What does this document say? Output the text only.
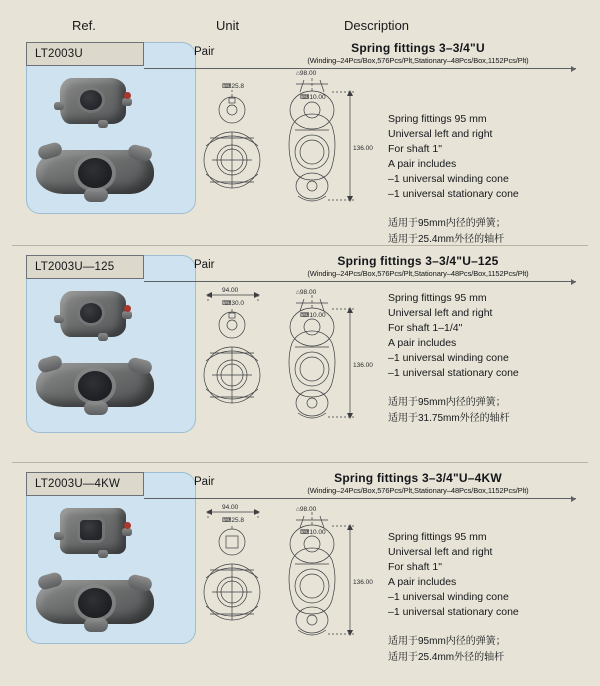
Ref.	Unit	Description
LT2003U	Pair	Spring fittings 3–3/4"U
(Winding–24Pcs/Box,576Pcs/Plt,Stationary–48Pcs/Box,1152Pcs/Plt)
⌨25.8
⌂98.00
⌨10.00
136.00
Spring fittings 95 mm
Universal left and right
For shaft 1"
A pair includes
–1 universal winding cone
–1 universal stationary cone
适用于95mm内径的弹簧；
适用于25.4mm外径的轴杆
LT2003U—125	Pair	Spring fittings 3–3/4"U–125
(Winding–24Pcs/Box,576Pcs/Plt,Stationary–48Pcs/Box,1152Pcs/Plt)
94.00
⌨30.0
⌂98.00
⌨10.00
136.00
Spring fittings 95 mm
Universal left and right
For shaft 1–1/4"
A pair includes
–1 universal winding cone
–1 universal stationary cone
适用于95mm内径的弹簧；
适用于31.75mm外径的轴杆
LT2003U—4KW	Pair	Spring fittings 3–3/4"U–4KW
(Winding–24Pcs/Box,576Pcs/Plt,Stationary–48Pcs/Box,1152Pcs/Plt)
94.00
⌨25.8
⌂98.00
⌨10.00
136.00
Spring fittings 95 mm
Universal left and right
For shaft 1"
A pair includes
–1 universal winding cone
–1 universal stationary cone
适用于95mm内径的弹簧；
适用于25.4mm外径的轴杆
